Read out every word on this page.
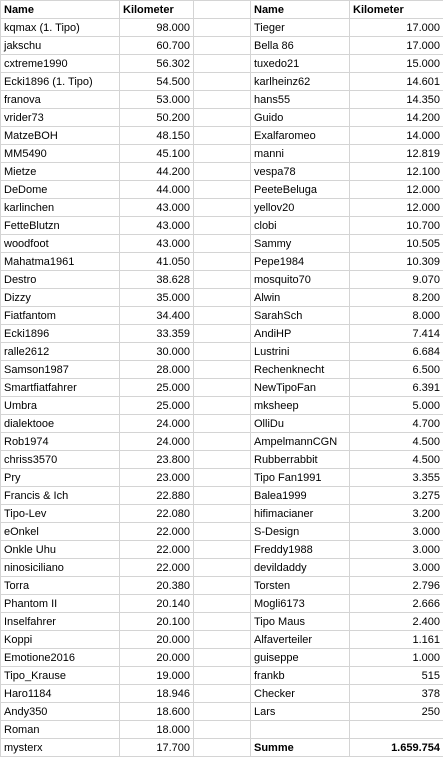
Name	Kilometer		Name	Kilometer
kqmax (1. Tipo)	98.000		Tieger	17.000
jakschu	60.700		Bella 86	17.000
cxtreme1990	56.302		tuxedo21	15.000
Ecki1896 (1. Tipo)	54.500		karlheinz62	14.601
franova	53.000		hans55	14.350
vrider73	50.200		Guido	14.200
MatzeBOH	48.150		Exalfaromeo	14.000
MM5490	45.100		manni	12.819
Mietze	44.200		vespa78	12.100
DeDome	44.000		PeeteBeluga	12.000
karlinchen	43.000		yellov20	12.000
FetteBlutzn	43.000		clobi	10.700
woodfoot	43.000		Sammy	10.505
Mahatma1961	41.050		Pepe1984	10.309
Destro	38.628		mosquito70	9.070
Dizzy	35.000		Alwin	8.200
Fiatfantom	34.400		SarahSch	8.000
Ecki1896	33.359		AndiHP	7.414
ralle2612	30.000		Lustrini	6.684
Samson1987	28.000		Rechenknecht	6.500
Smartfiatfahrer	25.000		NewTipoFan	6.391
Umbra	25.000		mksheep	5.000
dialektooe	24.000		OlliDu	4.700
Rob1974	24.000		AmpelmannCGN	4.500
chriss3570	23.800		Rubberrabbit	4.500
Pry	23.000		Tipo Fan1991	3.355
Francis & Ich	22.880		Balea1999	3.275
Tipo-Lev	22.080		hifimacianer	3.200
eOnkel	22.000		S-Design	3.000
Onkle Uhu	22.000		Freddy1988	3.000
ninosiciliano	22.000		devildaddy	3.000
Torra	20.380		Torsten	2.796
Phantom II	20.140		Mogli6173	2.666
Inselfahrer	20.100		Tipo Maus	2.400
Koppi	20.000		Alfaverteiler	1.161
Emotione2016	20.000		guiseppe	1.000
Tipo_Krause	19.000		frankb	515
Haro1184	18.946		Checker	378
Andy350	18.600		Lars	250
Roman	18.000			
mysterx	17.700		Summe	1.659.754
